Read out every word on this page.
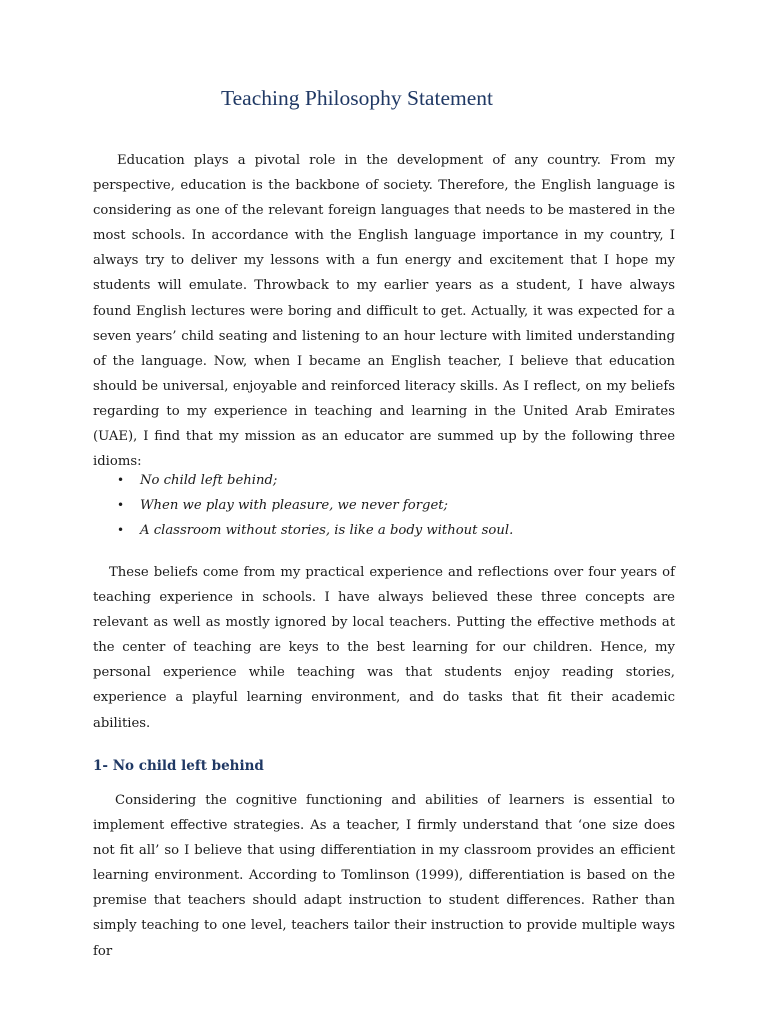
Teaching Philosophy Statement

Education plays a pivotal role in the development of any country. From my perspective, education is the backbone of society. Therefore, the English language is considering as one of the relevant foreign languages that needs to be mastered in the most schools. In accordance with the English language importance in my country, I always try to deliver my lessons with a fun energy and excitement that I hope my students will emulate. Throwback to my earlier years as a student, I have always found English lectures were boring and difficult to get. Actually, it was expected for a seven years’ child seating and listening to an hour lecture with limited understanding of the language. Now, when I became an English teacher, I believe that education should be universal, enjoyable and reinforced literacy skills. As I reflect, on my beliefs regarding to my experience in teaching and learning in the United Arab Emirates (UAE), I find that my mission as an educator are summed up by the following three idioms:

• No child left behind;
• When we play with pleasure, we never forget;
• A classroom without stories, is like a body without soul.

These beliefs come from my practical experience and reflections over four years of teaching experience in schools. I have always believed these three concepts are relevant as well as mostly ignored by local teachers. Putting the effective methods at the center of teaching are keys to the best learning for our children. Hence, my personal experience while teaching was that students enjoy reading stories, experience a playful learning environment, and do tasks that fit their academic abilities.

1- No child left behind

Considering the cognitive functioning and abilities of learners is essential to implement effective strategies. As a teacher, I firmly understand that ‘one size does not fit all’ so I believe that using differentiation in my classroom provides an efficient learning environment. According to Tomlinson (1999), differentiation is based on the premise that teachers should adapt instruction to student differences. Rather than simply teaching to one level, teachers tailor their instruction to provide multiple ways for
